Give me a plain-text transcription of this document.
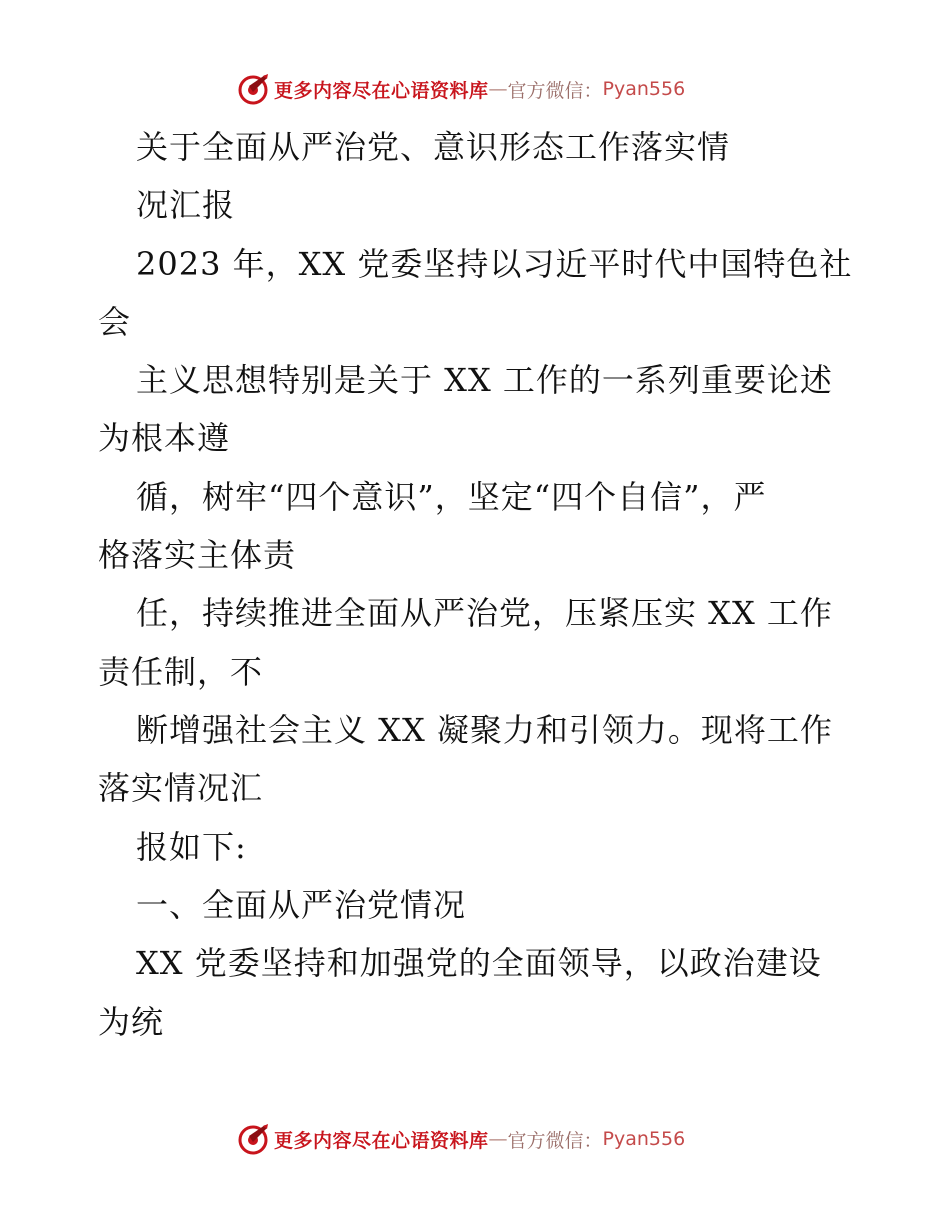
更多内容尽在心语资料库 — 官方微信： Pyan556
关于全面从严治党、意识形态工作落实情
况汇报
2023 年，XX 党委坚持以习近平时代中国特色社
会
主义思想特别是关于 XX 工作的一系列重要论述
为根本遵
循，树牢“四个意识”，坚定“四个自信”，严
格落实主体责
任，持续推进全面从严治党，压紧压实 XX 工作
责任制，不
断增强社会主义 XX 凝聚力和引领力。现将工作
落实情况汇
报如下:
一、全面从严治党情况
XX 党委坚持和加强党的全面领导，以政治建设
为统
更多内容尽在心语资料库 — 官方微信： Pyan556
